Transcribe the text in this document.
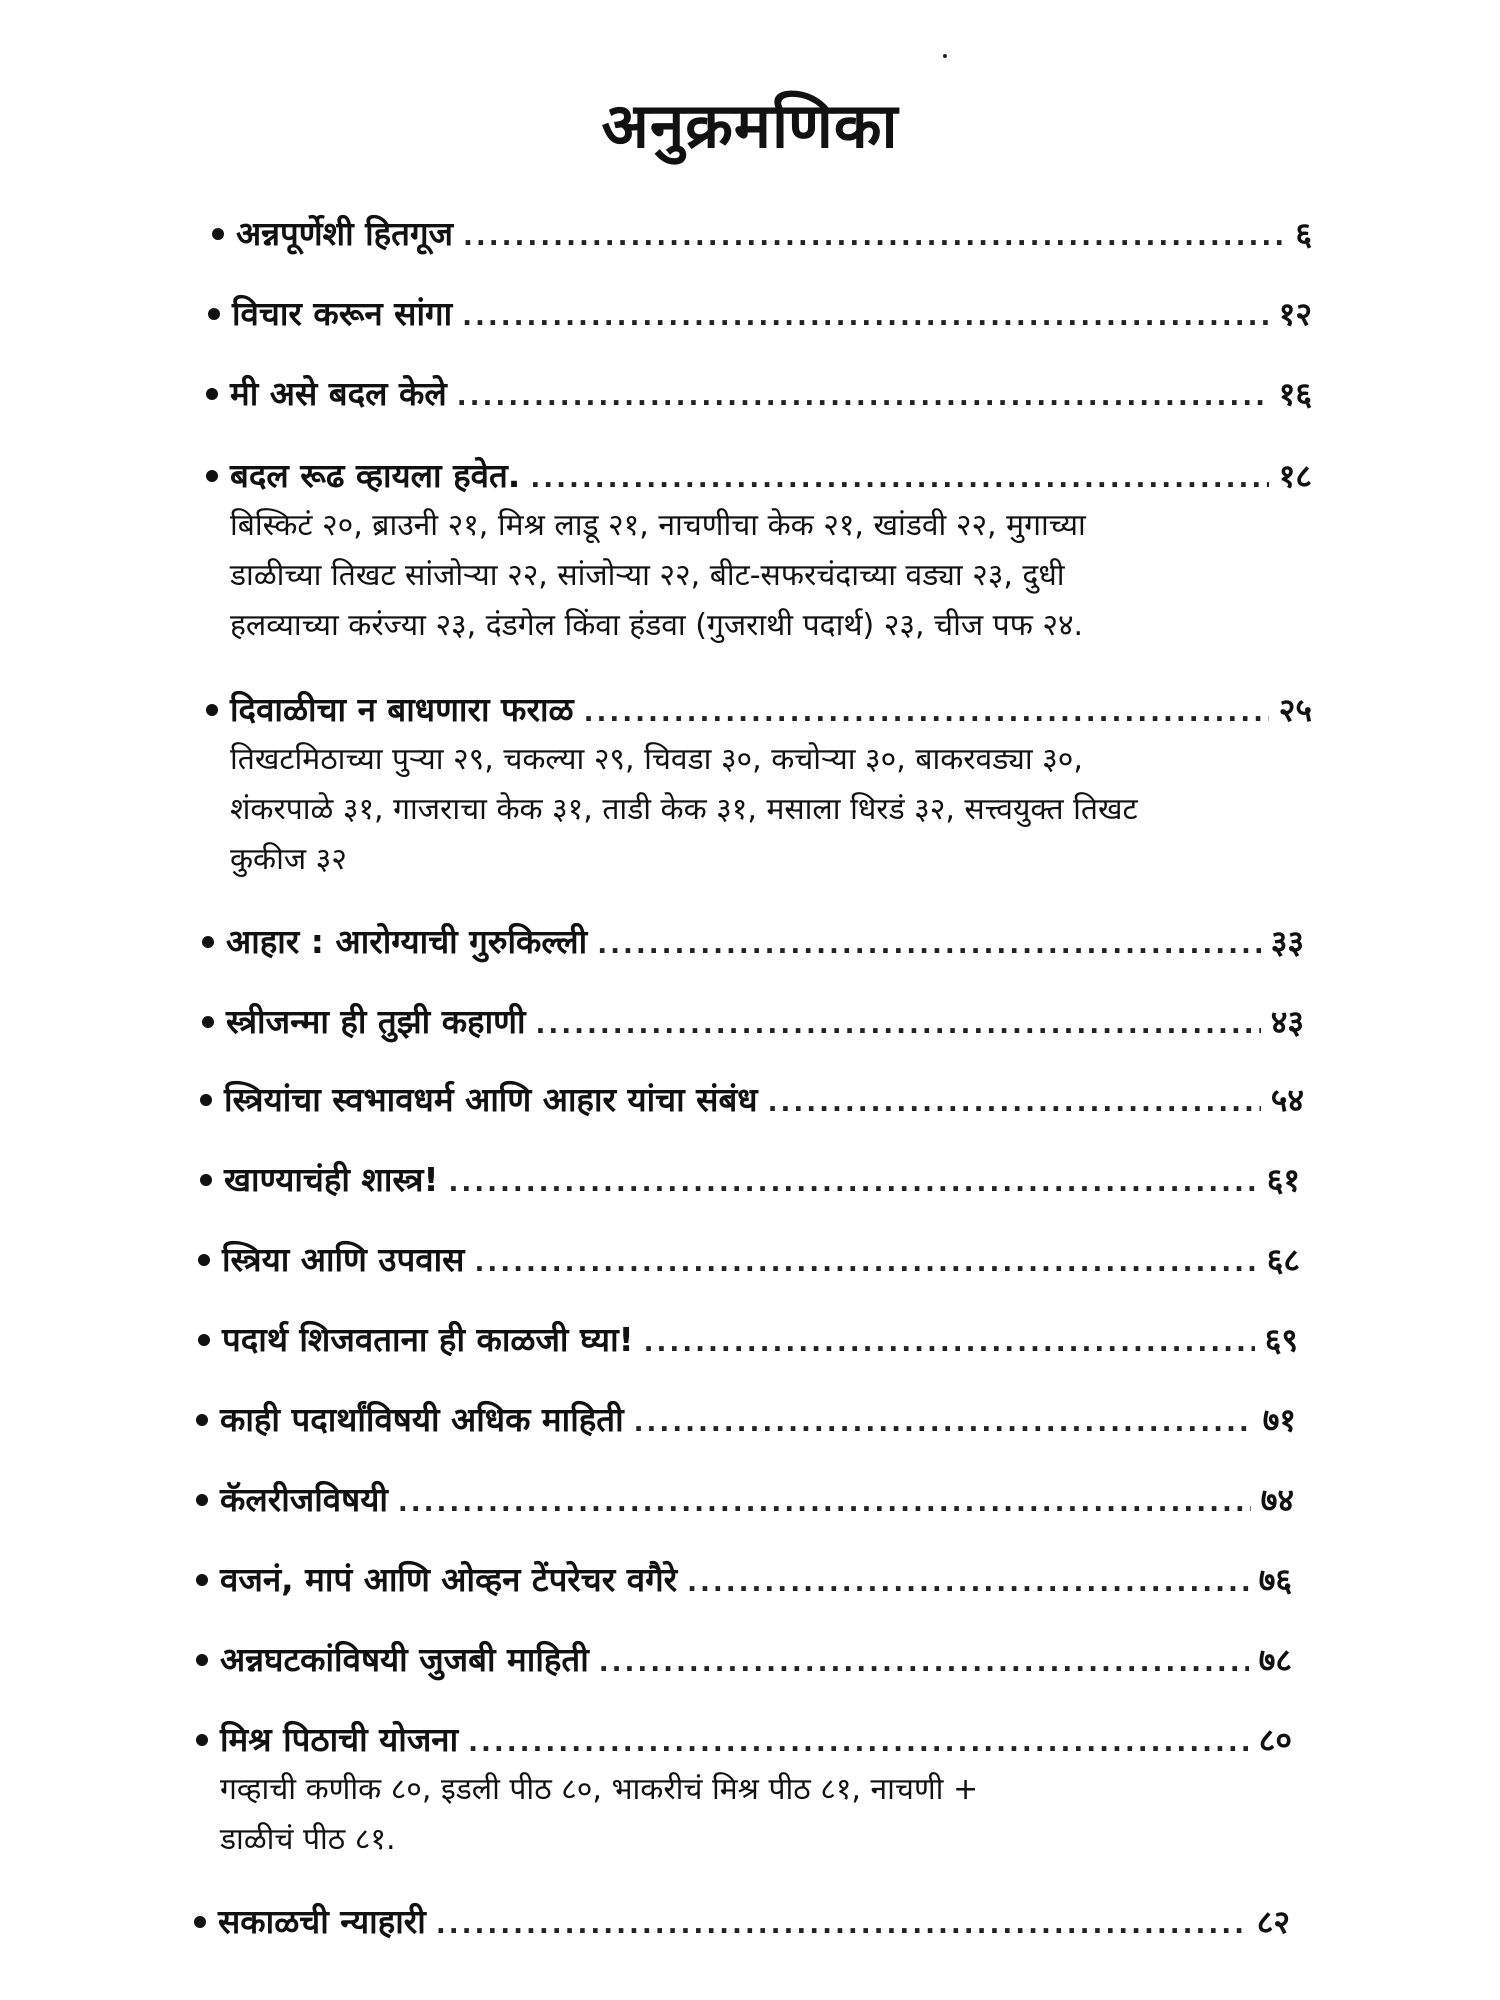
अनुक्रमणिका
अन्नपूर्णेशी हितगूज .....	६
विचार करून सांगा .....	१२
मी असे बदल केले .....	१६
बदल रूढ व्हायला हवेत. .....	१८
बिस्किटं २०, ब्राउनी २१, मिश्र लाडू २१, नाचणीचा केक २१, खांडवी २२, मुगाच्या
डाळीच्या तिखट सांजोऱ्या २२, सांजोऱ्या २२, बीट-सफरचंदाच्या वड्या २३, दुधी
हलव्याच्या करंज्या २३, दंडगेल किंवा हंडवा (गुजराथी पदार्थ) २३, चीज पफ २४.
दिवाळीचा न बाधणारा फराळ .....	२५
तिखटमिठाच्या पुऱ्या २९, चकल्या २९, चिवडा ३०, कचोऱ्या ३०, बाकरवड्या ३०,
शंकरपाळे ३१, गाजराचा केक ३१, ताडी केक ३१, मसाला धिरडं ३२, सत्त्वयुक्त तिखट
कुकीज ३२
आहार : आरोग्याची गुरुकिल्ली .....	३३
स्त्रीजन्मा ही तुझी कहाणी .....	४३
स्त्रियांचा स्वभावधर्म आणि आहार यांचा संबंध .....	५४
खाण्याचंही शास्त्र! .....	६१
स्त्रिया आणि उपवास .....	६८
पदार्थ शिजवताना ही काळजी घ्या! .....	६९
काही पदार्थांविषयी अधिक माहिती .....	७१
कॅलरीजविषयी .....	७४
वजनं, मापं आणि ओव्हन टेंपरेचर वगैरे .....	७६
अन्नघटकांविषयी जुजबी माहिती .....	७८
मिश्र पिठाची योजना .....	८०
गव्हाची कणीक ८०, इडली पीठ ८०, भाकरीचं मिश्र पीठ ८१, नाचणी +
डाळीचं पीठ ८१.
सकाळची न्याहारी .....	८२
